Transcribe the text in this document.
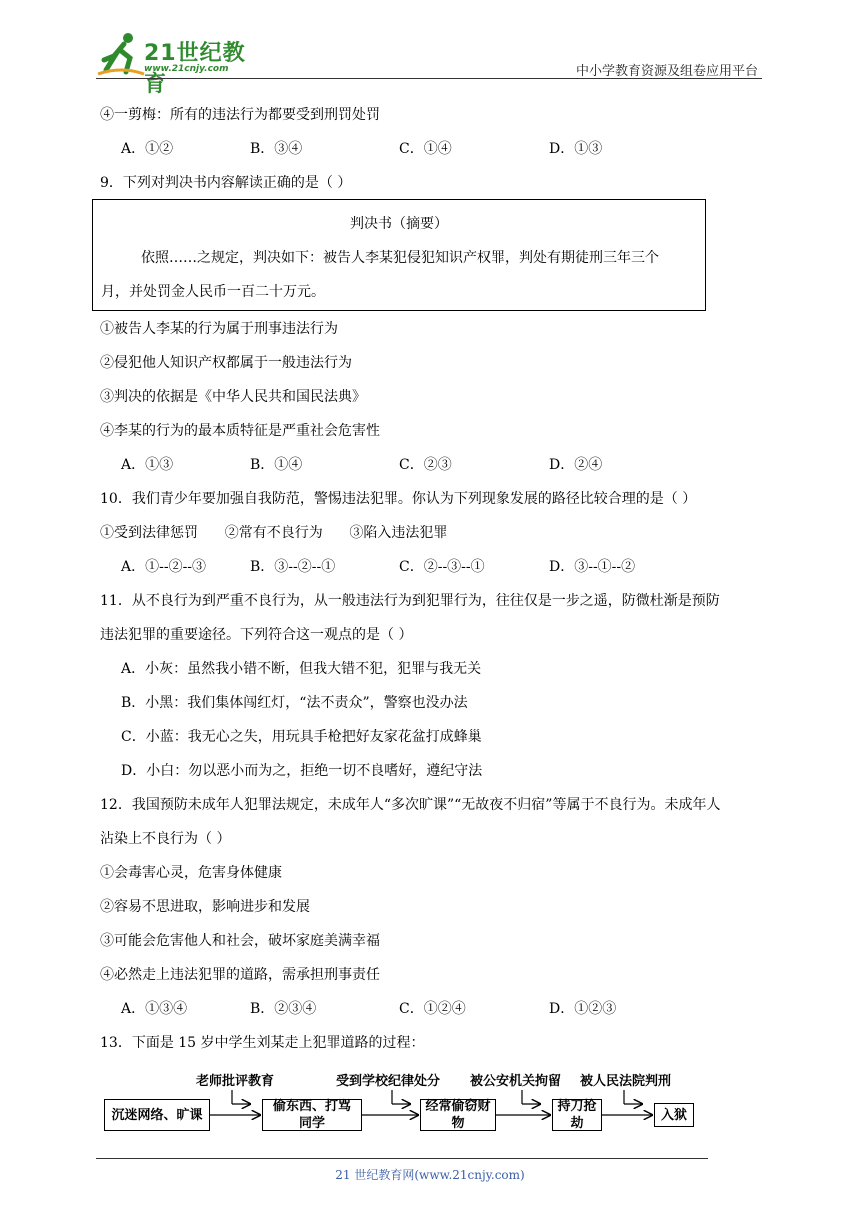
21世纪教育
www.21cnjy.com	中小学教育资源及组卷应用平台
④一剪梅：所有的违法行为都要受到刑罚处罚
A．①②	B．③④	C．①④	D．①③
9．下列对判决书内容解读正确的是（ ）
判决书（摘要）
依照……之规定，判决如下：被告人李某犯侵犯知识产权罪，判处有期徒刑三年三个
月，并处罚金人民币一百二十万元。
①被告人李某的行为属于刑事违法行为
②侵犯他人知识产权都属于一般违法行为
③判决的依据是《中华人民共和国民法典》
④李某的行为的最本质特征是严重社会危害性
A．①③	B．①④	C．②③	D．②④
10．我们青少年要加强自我防范，警惕违法犯罪。你认为下列现象发展的路径比较合理的是（ ）
①受到法律惩罚      ②常有不良行为      ③陷入违法犯罪
A．①--②--③	B．③--②--①	C．②--③--①	D．③--①--②
11．从不良行为到严重不良行为，从一般违法行为到犯罪行为，往往仅是一步之遥，防微杜渐是预防
违法犯罪的重要途径。下列符合这一观点的是（ ）
A．小灰：虽然我小错不断，但我大错不犯，犯罪与我无关
B．小黑：我们集体闯红灯，“法不责众”，警察也没办法
C．小蓝：我无心之失，用玩具手枪把好友家花盆打成蜂巢
D．小白：勿以恶小而为之，拒绝一切不良嗜好，遵纪守法
12．我国预防未成年人犯罪法规定，未成年人“多次旷课”“无故夜不归宿”等属于不良行为。未成年人
沾染上不良行为（ ）
①会毒害心灵，危害身体健康
②容易不思进取，影响进步和发展
③可能会危害他人和社会，破坏家庭美满幸福
④必然走上违法犯罪的道路，需承担刑事责任
A．①③④	B．②③④	C．①②④	D．①②③
13．下面是 15 岁中学生刘某走上犯罪道路的过程：
老师批评教育	受到学校纪律处分 被公安机关拘留 被人民法院判刑
沉迷网络、旷课
偷东西、打骂同学
经常偷窃财物
持刀抢劫
入狱
21 世纪教育网(www.21cnjy.com)
